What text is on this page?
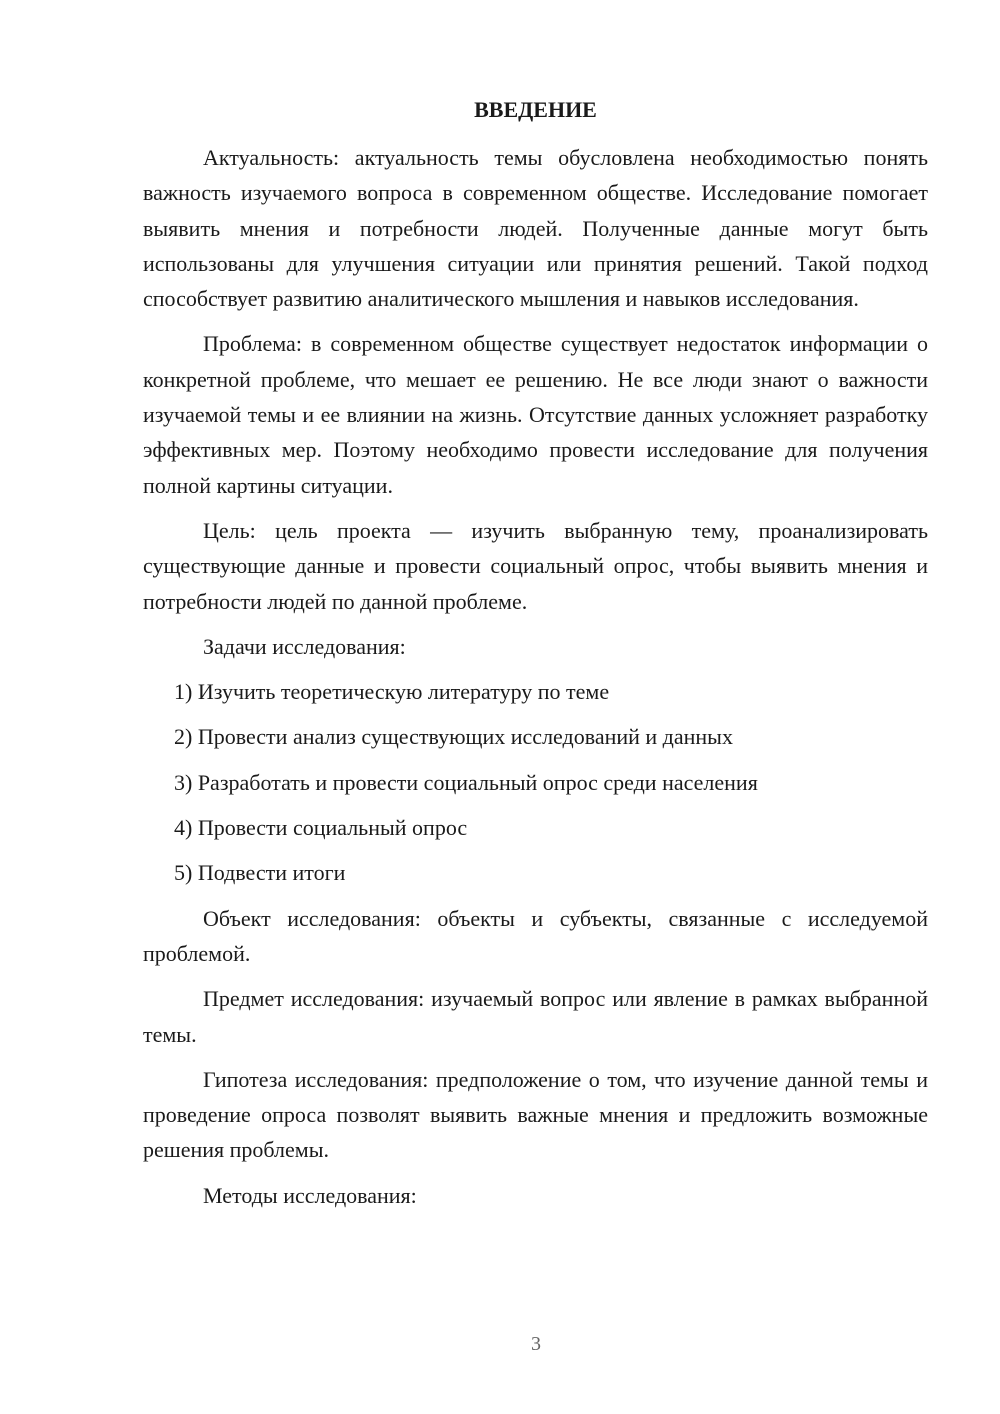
ВВЕДЕНИЕ

Актуальность: актуальность темы обусловлена необходимостью понять важность изучаемого вопроса в современном обществе. Исследование помогает выявить мнения и потребности людей. Полученные данные могут быть использованы для улучшения ситуации или принятия решений. Такой подход способствует развитию аналитического мышления и навыков исследования.

Проблема: в современном обществе существует недостаток информации о конкретной проблеме, что мешает ее решению. Не все люди знают о важности изучаемой темы и ее влиянии на жизнь. Отсутствие данных усложняет разработку эффективных мер. Поэтому необходимо провести исследование для получения полной картины ситуации.

Цель: цель проекта — изучить выбранную тему, проанализировать существующие данные и провести социальный опрос, чтобы выявить мнения и потребности людей по данной проблеме.

Задачи исследования:

1) Изучить теоретическую литературу по теме
2) Провести анализ существующих исследований и данных
3) Разработать и провести социальный опрос среди населения
4) Провести социальный опрос
5) Подвести итоги

Объект исследования: объекты и субъекты, связанные с исследуемой проблемой.

Предмет исследования: изучаемый вопрос или явление в рамках выбранной темы.

Гипотеза исследования: предположение о том, что изучение данной темы и проведение опроса позволят выявить важные мнения и предложить возможные решения проблемы.

Методы исследования:

3
